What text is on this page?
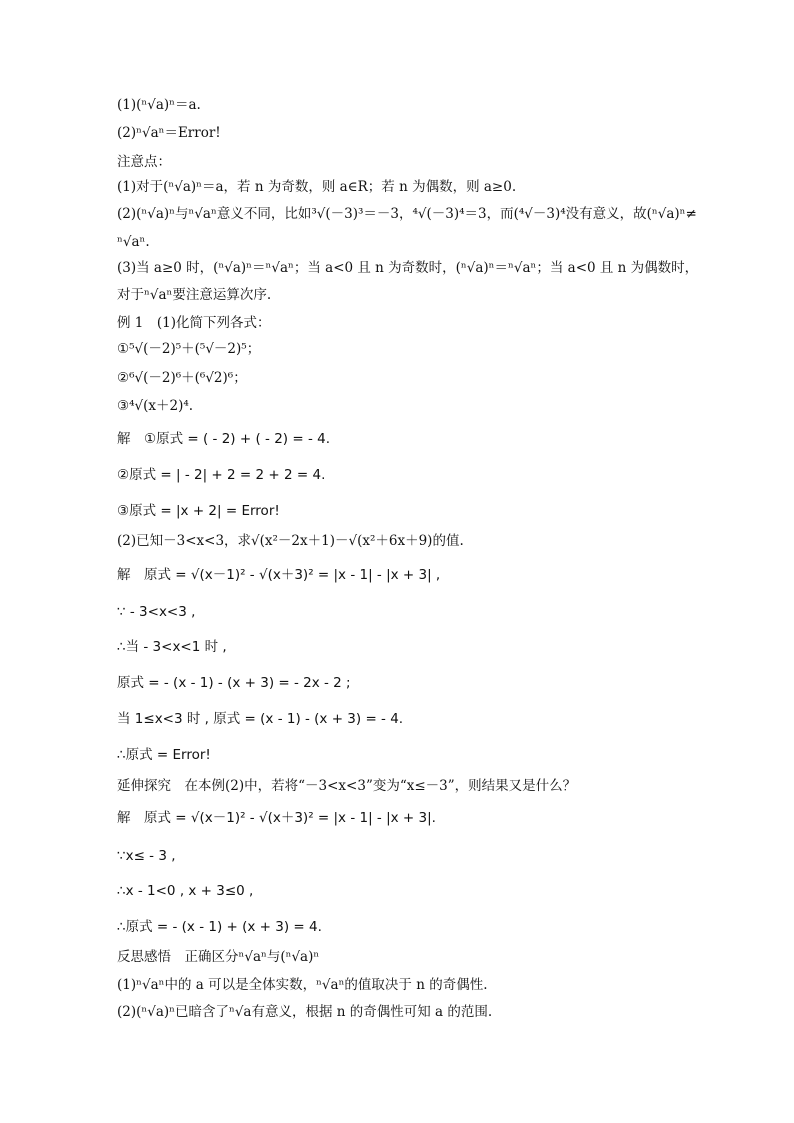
(1)(ⁿ√a)ⁿ＝a.
(2)ⁿ√aⁿ＝Error!
注意点：
(1)对于(ⁿ√a)ⁿ＝a，若 n 为奇数，则 a∈R；若 n 为偶数，则 a≥0.
(2)(ⁿ√a)ⁿ与ⁿ√aⁿ意义不同，比如³√(－3)³＝－3，⁴√(－3)⁴＝3，而(⁴√－3)⁴没有意义，故(ⁿ√a)ⁿ≠
ⁿ√aⁿ.
(3)当 a≥0 时，(ⁿ√a)ⁿ＝ⁿ√aⁿ；当 a<0 且 n 为奇数时，(ⁿ√a)ⁿ＝ⁿ√aⁿ；当 a<0 且 n 为偶数时，
对于ⁿ√aⁿ要注意运算次序.
例 1　(1)化简下列各式：
①⁵√(－2)⁵＋(⁵√－2)⁵；
②⁶√(－2)⁶＋(⁶√2)⁶；
③⁴√(x＋2)⁴.
解　①原式 = ( - 2) + ( - 2) = - 4.
②原式 = | - 2| + 2 = 2 + 2 = 4.
③原式 = |x + 2| = Error!
(2)已知－3<x<3，求√(x²－2x＋1)－√(x²＋6x＋9)的值.
解　原式 = √(x－1)² - √(x＋3)² = |x - 1| - |x + 3| ,
∵ - 3<x<3 ,
∴当 - 3<x<1 时 ,
原式 = - (x - 1) - (x + 3) = - 2x - 2 ;
当 1≤x<3 时 , 原式 = (x - 1) - (x + 3) = - 4.
∴原式 = Error!
延伸探究　在本例(2)中，若将“－3<x<3”变为“x≤－3”，则结果又是什么？
解　原式 = √(x－1)² - √(x＋3)² = |x - 1| - |x + 3|.
∵x≤ - 3 ,
∴x - 1<0 , x + 3≤0 ,
∴原式 = - (x - 1) + (x + 3) = 4.
反思感悟　正确区分ⁿ√aⁿ与(ⁿ√a)ⁿ
(1)ⁿ√aⁿ中的 a 可以是全体实数，ⁿ√aⁿ的值取决于 n 的奇偶性.
(2)(ⁿ√a)ⁿ已暗含了ⁿ√a有意义，根据 n 的奇偶性可知 a 的范围.
